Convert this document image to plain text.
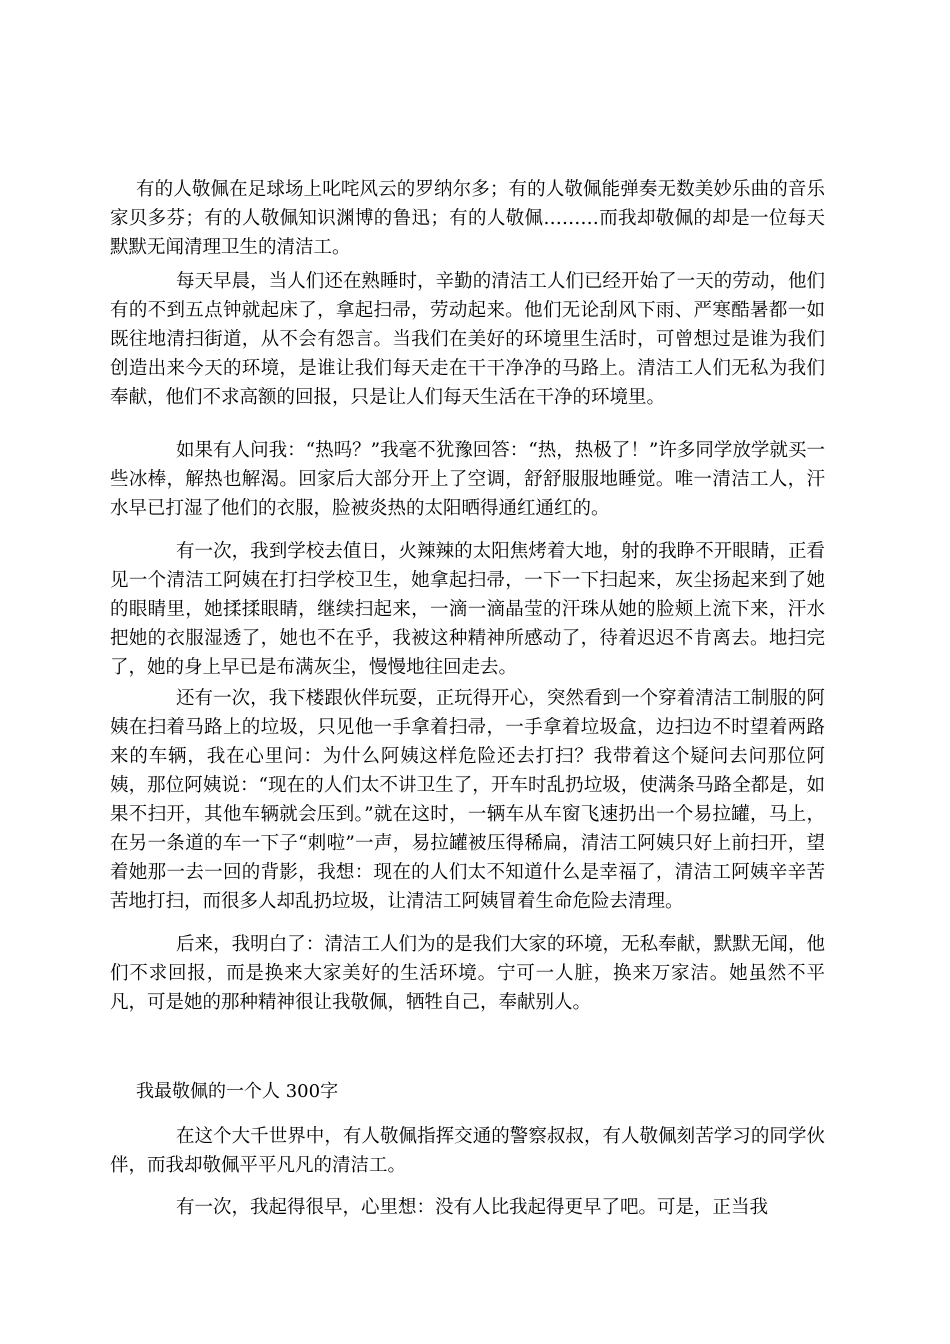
有的人敬佩在足球场上叱咤风云的罗纳尔多；有的人敬佩能弹奏无数美妙乐曲的音乐家贝多芬；有的人敬佩知识渊博的鲁迅；有的人敬佩………而我却敬佩的却是一位每天默默无闻清理卫生的清洁工。

每天早晨，当人们还在熟睡时，辛勤的清洁工人们已经开始了一天的劳动，他们有的不到五点钟就起床了，拿起扫帚，劳动起来。他们无论刮风下雨、严寒酷暑都一如既往地清扫街道，从不会有怨言。当我们在美好的环境里生活时，可曾想过是谁为我们创造出来今天的环境，是谁让我们每天走在干干净净的马路上。清洁工人们无私为我们奉献，他们不求高额的回报，只是让人们每天生活在干净的环境里。

如果有人问我：“热吗？”我毫不犹豫回答：“热，热极了！”许多同学放学就买一些冰棒，解热也解渴。回家后大部分开上了空调，舒舒服服地睡觉。唯一清洁工人，汗水早已打湿了他们的衣服，脸被炎热的太阳晒得通红通红的。

有一次，我到学校去值日，火辣辣的太阳焦烤着大地，射的我睁不开眼睛，正看见一个清洁工阿姨在打扫学校卫生，她拿起扫帚，一下一下扫起来，灰尘扬起来到了她的眼睛里，她揉揉眼睛，继续扫起来，一滴一滴晶莹的汗珠从她的脸颊上流下来，汗水把她的衣服湿透了，她也不在乎，我被这种精神所感动了，待着迟迟不肯离去。地扫完了，她的身上早已是布满灰尘，慢慢地往回走去。

还有一次，我下楼跟伙伴玩耍，正玩得开心，突然看到一个穿着清洁工制服的阿姨在扫着马路上的垃圾，只见他一手拿着扫帚，一手拿着垃圾盒，边扫边不时望着两路来的车辆，我在心里问：为什么阿姨这样危险还去打扫？我带着这个疑问去问那位阿姨，那位阿姨说：“现在的人们太不讲卫生了，开车时乱扔垃圾，使满条马路全都是，如果不扫开，其他车辆就会压到。”就在这时，一辆车从车窗飞速扔出一个易拉罐，马上，在另一条道的车一下子“刺啦”一声，易拉罐被压得稀扁，清洁工阿姨只好上前扫开，望着她那一去一回的背影，我想：现在的人们太不知道什么是幸福了，清洁工阿姨辛辛苦苦地打扫，而很多人却乱扔垃圾，让清洁工阿姨冒着生命危险去清理。

后来，我明白了：清洁工人们为的是我们大家的环境，无私奉献，默默无闻，他们不求回报，而是换来大家美好的生活环境。宁可一人脏，换来万家洁。她虽然不平凡，可是她的那种精神很让我敬佩，牺牲自己，奉献别人。

我最敬佩的一个人 300字

在这个大千世界中，有人敬佩指挥交通的警察叔叔，有人敬佩刻苦学习的同学伙伴，而我却敬佩平平凡凡的清洁工。

有一次，我起得很早，心里想：没有人比我起得更早了吧。可是，正当我
